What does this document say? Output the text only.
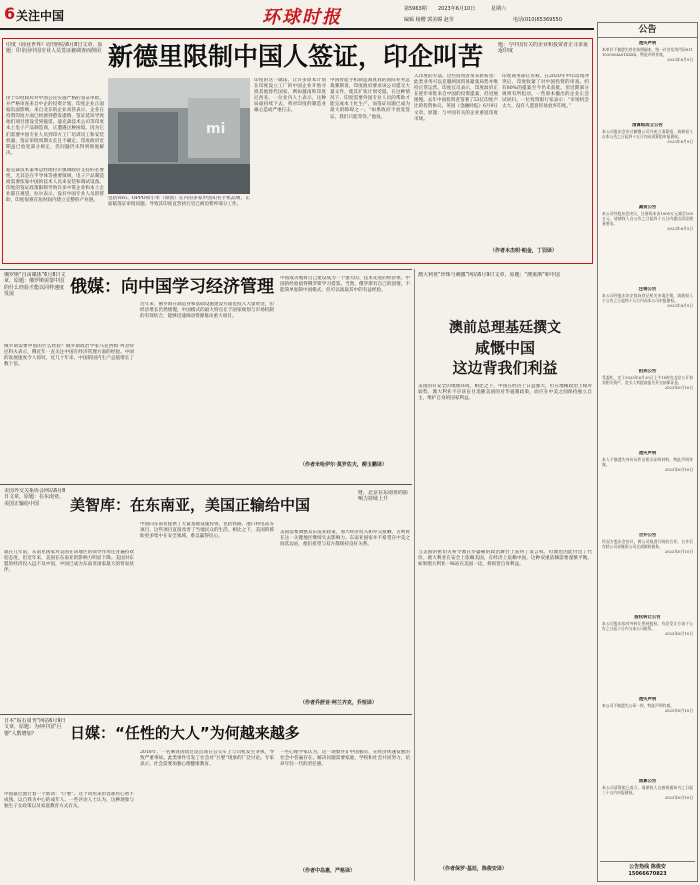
6 关注中国	环球时报	第5963期 2023年6月10日	星期六
编辑 杨樱 郭美嫦 赵莹	电话(010)65369550
印度《商业世界》周刊网站6月8日文章，原题：印企因中国专业人员签证被调查而倒闭 新德里限制中国人签证，印企叫苦	题：与中国有关的企业和投资者正寻求重返印度
由于印度政府对中国公民实施严格的签证审批，并严格审查来自中企的投资计划，印度企业正面临负面影响。来自北京的企业高管表示，企业在投资印度方面已经感到愈发谨慎，签证延误导致他们项目建设受到拖延。迪克森技术公司等印度本土电子产品制造商，正遭遇这种困境。因为它们需要中国专业人员到印方工厂培训员工和安装机器，签证审批周期太长且不确定。印度政府近期虽已放宽部分规定，但问题仍未得到彻底解决。
迪克森技术董事总经理拉尔强调政府支持的必要性。尤其是在半导体等重要领域，电子产品制造商需要依靠中国的技术人员来安装和调试设备。印度的签证政策限制导致许多中资企业和本土企业都在观望。拉尔表示，没有中国专业人员的帮助，印度很难在短时间内建立完整的产业链。
mi
包括vivo、OPPO和小米（如图）在内的多家中国知名手机品牌，正面临签证审批问题。导致其印度直营执行官已被迫暂停部分工作。
印度的这一做法，让许多原本计划在印度设立工厂的中国企业开始寻找其他替代国家，例如越南和印度尼西亚。一位业内人士表示，这种局面持续下去，将对印度的制造业雄心造成严重打击。
中国智能手机制造商真我的国际业务总裁赛斯说，印度政府要求该公司提交大量文件，使其扩张计划受阻。在这种情况下，印度需要外国专业人员的帮助才能完成本土化生产，而签证问题已成为最大的障碍之一。“如果政府不放宽签证，我们只能等待。”他说。
入印度的方法。这些投资者带来新希望：此类业务可以克服两国贸易紧张局势并维持正常运营。印度官员表示，印度政府正在逐步审批来自中国的投资提案，但进展缓慢。去年中国投资者签署了53亿印度卢比的投资协议。英国《金融时报》6月9日文章，原题：与中国有关的企业重返印度市场。
印度商务部官员称，在2020年中印边境冲突后，印度收紧了对中国投资的审查。约有80%的提案至今仍未获批。但近期部分规则有所松动，一些原本撤出的企业正尝试回归。一位投资银行家表示：“市场机会太大，没有人愿意轻易放弃印度。”
（作者本杰明·帕金，丁羽译）
俄罗斯“自由媒体”6月8日文章，原题：俄罗斯需要中国的什么经验才能以同样速度发展	俄媒：向中国学习经济管理
俄罗斯需要中国的什么经验？俄罗斯政治学家马克西姆·列舍特尼科夫表示，俄近年一直关注中国在经济管理方面的经验。中国的发展速度令人惊叹，近几十年来，中国的国内生产总值增长了数十倍。
近年来，俄罗斯在制造业和基础设施建设方面也投入大量资金，但经济增长仍然缓慢。中国模式的最大特点在于国家规划与市场机制的有效结合，能够迅速调动资源推动重大项目。
中国成功地将自己建设成为一个强大的、技术先进的经济体，中国的经验值得俄罗斯学习借鉴。当然，俄罗斯有自己的国情，不能简单复制中国模式，但可以汲取其中的有益经验。
（作者米哈伊尔·莫罗佐夫，柳玉鹏译）
澳大利亚“珍珠与刺激”网站6月9日文章，原题：“澳莱斯”和中国
澳前总理基廷撰文
咸慨中国
这边背我们利益
美国因有安全的地理环境，相比之下，中国在经济上日益强大，但在地缘政治上相对弱势。澳大利亚不应该盲目追随美国的对华遏制政策，而应在中美之间保持独立自主，维护自身的国家利益。
与美国的密切关系令澳在华盛顿的政治舞台上获得了发言权，但澳也因此付出了代价。澳大利亚在安全上依赖美国，在经济上依赖中国，这种双重依赖需要谨慎平衡。如果澳大利亚一味站在美国一边，将损害自身利益。
（作者保罗·基廷，陈俊安译）
美国外交关系协会网站6月8日文章，原题：在东南亚，美国正输给中国	美智库：在东南亚，美国正输给中国
财，北京在东南亚的影响力持续上升
就在几年前，东南亚国家对美国在该地区的领导作用还普遍持欢迎态度。但近年来，美国在东南亚的影响力明显下降。美国对东盟的经济投入远不及中国，中国已成为东南亚国家最大的贸易伙伴。
中国向东南亚提供了大量基础设施投资，包括铁路、港口和电站等项目，这些项目直接改善了当地民众的生活。相比之下，美国的援助更多集中在安全领域，难以赢得民心。
美国需要调整其东南亚政策，加大经济投入和外交接触，否则将在这一关键地区继续失去影响力。东南亚国家并不希望在中美之间选边站，他们希望与双方都保持良好关系。
（作者乔舒亚·柯兰齐克，乔恒译）
日本“钻石周刊”网站6月9日文章，原题：为何中国“巨婴”人数增加？	日媒：“任性的大人”为何越来越多
中国最近流行着一个新词：“巨婴”。这个词用来形容那些心智不成熟、以自我为中心的成年人。一些评论人士认为，这种现象与独生子女政策以及家庭教育方式有关。
2018年，一名乘客因错过站点而在公交车上与司机发生争执，导致严重事故。此类事件引发了社会对“巨婴”现象的广泛讨论。专家表示，社会需要加强心理健康教育。
一些心理学家认为，这一现象并非中国独有，在经济快速发展的社会中普遍存在。解决问题需要家庭、学校和社会共同努力，培养年轻一代的责任感。
（作者中岛惠，严格译）
公告
遗失声明
本单位不慎遗失营业执照副本，统一社会信用代码91110105MA01XXXX，特此声明作废。
2023年6月9日
清算组成立公告
本公司股东会决议解散公司并成立清算组，请债权人自本公告之日起四十五日内向清算组申报债权。
2023年6月9日
减资公告
本公司经股东会决议，注册资本由1000万元减至100万元，请债权人自公告之日起四十五日内提出清偿债务要求。
2023年6月9日
注销公告
本公司经股东决定拟向登记机关申请注销，请债权人于公告之日起四十五日内向本公司申报债权。
2023年6月9日
拍卖公告
受委托，定于2023年6月20日上午10时在北京公开拍卖相关资产，竞买人须提前报名并交纳保证金。
2023年6月10日
遗失声明
本人不慎遗失身份证件及相关证明材料，特此声明作废。
2023年6月10日
合并公告
经双方股东会决议，两公司拟进行吸收合并，合并后存续公司承继原公司全部债权债务。
2023年6月10日
股权转让公告
本公司股东拟对外转让所持股权，有意受让方请于公告之日起十日内与本公司联系。
2023年6月10日
遗失声明
本公司不慎遗失公章一枚，特此声明作废。
2023年6月10日
清算公告
本公司清算组已成立，请债权人自接到通知书之日起三十日内申报债权。
2023年6月10日
公告热线 陈俊安
15066670823
